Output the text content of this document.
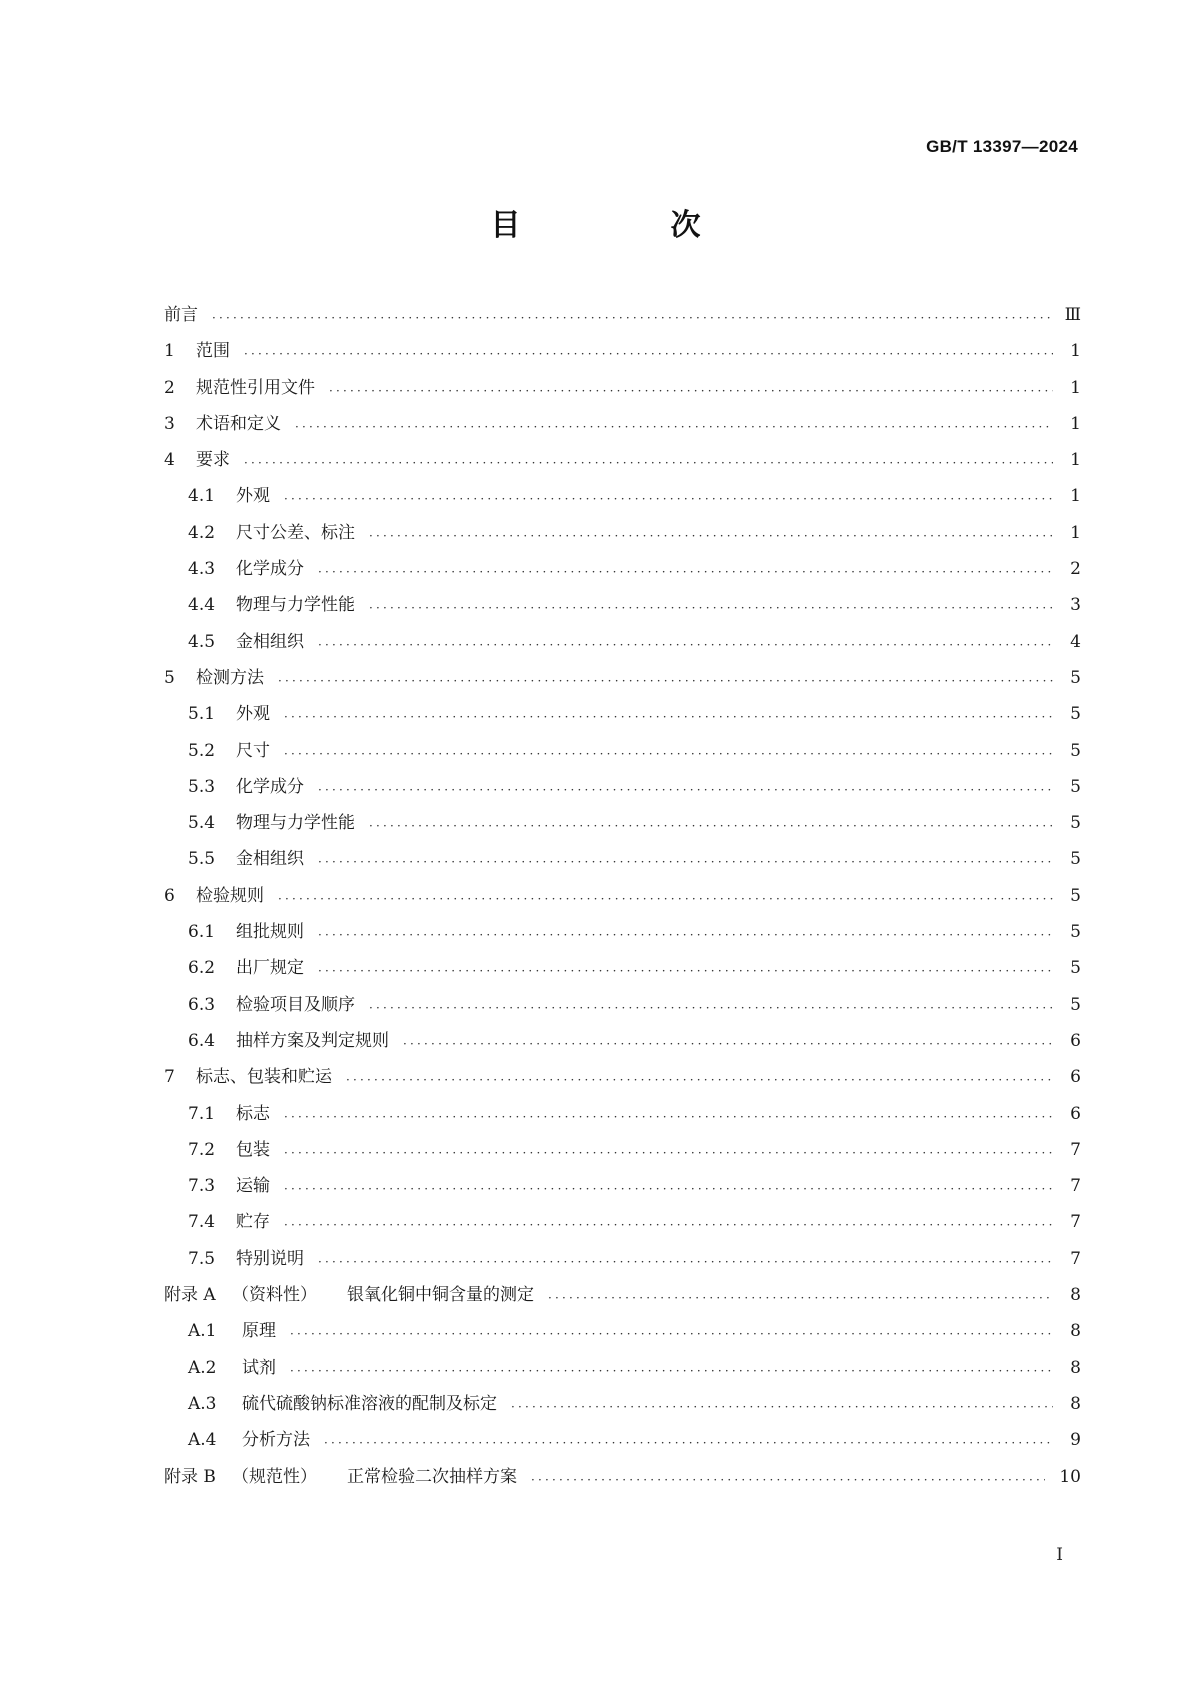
GB/T 13397—2024
目　次
前言 ·····	Ⅲ
1	范围 ·····	1
2	规范性引用文件 ·····	1
3	术语和定义 ·····	1
4	要求 ·····	1
4.1	外观 ·····	1
4.2	尺寸公差、标注 ·····	1
4.3	化学成分 ·····	2
4.4	物理与力学性能 ·····	3
4.5	金相组织 ·····	4
5	检测方法 ·····	5
5.1	外观 ·····	5
5.2	尺寸 ·····	5
5.3	化学成分 ·····	5
5.4	物理与力学性能 ·····	5
5.5	金相组织 ·····	5
6	检验规则 ·····	5
6.1	组批规则 ·····	5
6.2	出厂规定 ·····	5
6.3	检验项目及顺序 ·····	5
6.4	抽样方案及判定规则 ·····	6
7	标志、包装和贮运 ·····	6
7.1	标志 ·····	6
7.2	包装 ·····	7
7.3	运输 ·····	7
7.4	贮存 ·····	7
7.5	特别说明 ·····	7
附录 A （资料性） 银氧化铜中铜含量的测定 ·····	8
A.1	原理 ·····	8
A.2	试剂 ·····	8
A.3	硫代硫酸钠标准溶液的配制及标定 ·····	8
A.4	分析方法 ·····	9
附录 B （规范性） 正常检验二次抽样方案 ·····	10
Ⅰ
